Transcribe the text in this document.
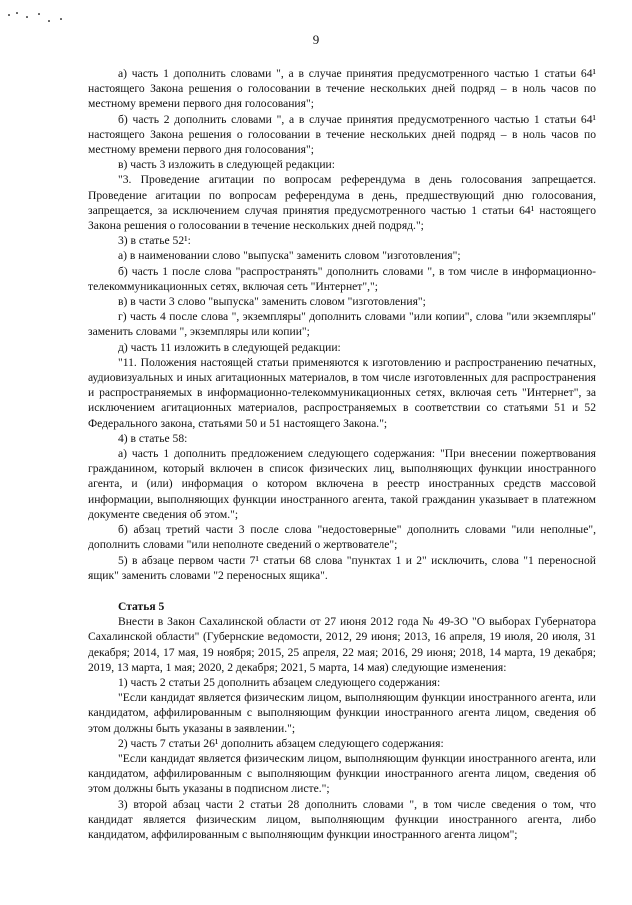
9

а) часть 1 дополнить словами ", а в случае принятия предусмотренного частью 1 статьи 64¹ настоящего Закона решения о голосовании в течение нескольких дней подряд – в ноль часов по местному времени первого дня голосования";

б) часть 2 дополнить словами ", а в случае принятия предусмотренного частью 1 статьи 64¹ настоящего Закона решения о голосовании в течение нескольких дней подряд – в ноль часов по местному времени первого дня голосования";

в) часть 3 изложить в следующей редакции:

"3. Проведение агитации по вопросам референдума в день голосования запрещается. Проведение агитации по вопросам референдума в день, предшествующий дню голосования, запрещается, за исключением случая принятия предусмотренного частью 1 статьи 64¹ настоящего Закона решения о голосовании в течение нескольких дней подряд.";

3) в статье 52¹:

а) в наименовании слово "выпуска" заменить словом "изготовления";

б) часть 1 после слова "распространять" дополнить словами ", в том числе в информационно-телекоммуникационных сетях, включая сеть "Интернет",";

в) в части 3 слово "выпуска" заменить словом "изготовления";

г) часть 4 после слова ", экземпляры" дополнить словами "или копии", слова "или экземпляры" заменить словами ", экземпляры или копии";

д) часть 11 изложить в следующей редакции:

"11. Положения настоящей статьи применяются к изготовлению и распространению печатных, аудиовизуальных и иных агитационных материалов, в том числе изготовленных для распространения и распространяемых в информационно-телекоммуникационных сетях, включая сеть "Интернет", за исключением агитационных материалов, распространяемых в соответствии со статьями 51 и 52 Федерального закона, статьями 50 и 51 настоящего Закона.";

4) в статье 58:

а) часть 1 дополнить предложением следующего содержания: "При внесении пожертвования гражданином, который включен в список физических лиц, выполняющих функции иностранного агента, и (или) информация о котором включена в реестр иностранных средств массовой информации, выполняющих функции иностранного агента, такой гражданин указывает в платежном документе сведения об этом.";

б) абзац третий части 3 после слова "недостоверные" дополнить словами "или неполные", дополнить словами "или неполноте сведений о жертвователе";

5) в абзаце первом части 7¹ статьи 68 слова "пунктах 1 и 2" исключить, слова "1 переносной ящик" заменить словами "2 переносных ящика".

Статья 5

Внести в Закон Сахалинской области от 27 июня 2012 года № 49-ЗО "О выборах Губернатора Сахалинской области" (Губернские ведомости, 2012, 29 июня; 2013, 16 апреля, 19 июля, 20 июля, 31 декабря; 2014, 17 мая, 19 ноября; 2015, 25 апреля, 22 мая; 2016, 29 июня; 2018, 14 марта, 19 декабря; 2019, 13 марта, 1 мая; 2020, 2 декабря; 2021, 5 марта, 14 мая) следующие изменения:

1) часть 2 статьи 25 дополнить абзацем следующего содержания:

"Если кандидат является физическим лицом, выполняющим функции иностранного агента, или кандидатом, аффилированным с выполняющим функции иностранного агента лицом, сведения об этом должны быть указаны в заявлении.";

2) часть 7 статьи 26¹ дополнить абзацем следующего содержания:

"Если кандидат является физическим лицом, выполняющим функции иностранного агента, или кандидатом, аффилированным с выполняющим функции иностранного агента лицом, сведения об этом должны быть указаны в подписном листе.";

3) второй абзац части 2 статьи 28 дополнить словами ", в том числе сведения о том, что кандидат является физическим лицом, выполняющим функции иностранного агента, либо кандидатом, аффилированным с выполняющим функции иностранного агента лицом";
